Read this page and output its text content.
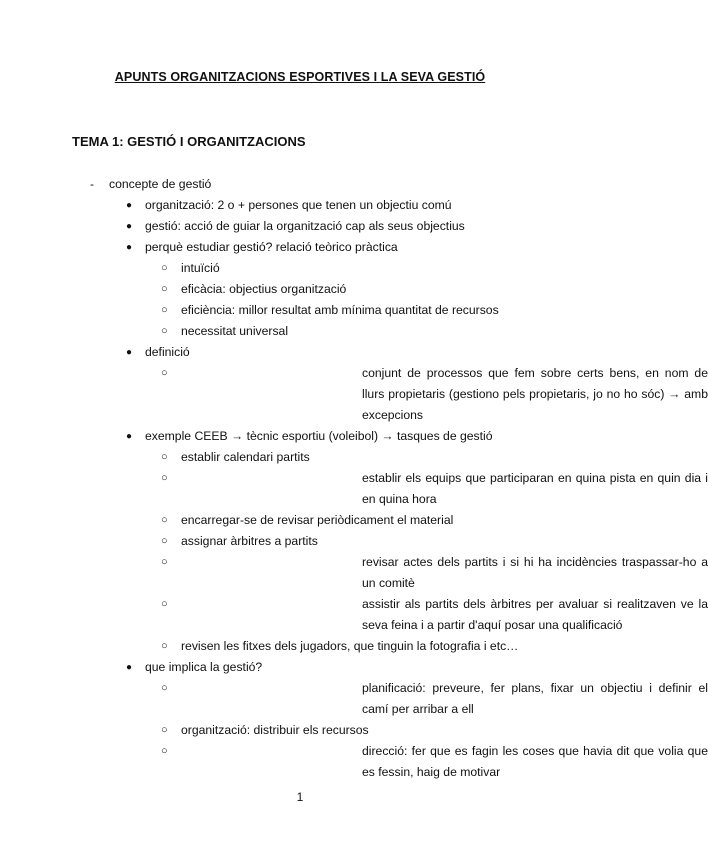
APUNTS ORGANITZACIONS ESPORTIVES I LA SEVA GESTIÓ
TEMA 1: GESTIÓ I ORGANITZACIONS
- concepte de gestió
● organització: 2 o + persones que tenen un objectiu comú
● gestió: acció de guiar la organització cap als seus objectius
● perquè estudiar gestió? relació teòrico pràctica
○ intuïció
○ eficàcia: objectius organització
○ eficiència: millor resultat amb mínima quantitat de recursos
○ necessitat universal
● definició
○	conjunt de processos que fem sobre certs bens, en nom de llurs propietaris (gestiono pels propietaris, jo no ho sóc) → amb excepcions
● exemple CEEB → tècnic esportiu (voleibol) → tasques de gestió
○ establir calendari partits
○	establir els equips que participaran en quina pista en quin dia i en quina hora
○ encarregar-se de revisar periòdicament el material
○ assignar àrbitres a partits
○	revisar actes dels partits i si hi ha incidències traspassar-ho a un comitè
○	assistir als partits dels àrbitres per avaluar si realitzaven ve la seva feina i a partir d'aquí posar una qualificació
○ revisen les fitxes dels jugadors, que tinguin la fotografia i etc…
● que implica la gestió?
○	planificació: preveure, fer plans, fixar un objectiu i definir el camí per arribar a ell
○ organització: distribuir els recursos
○	direcció: fer que es fagin les coses que havia dit que volia que es fessin, haig de motivar
1
